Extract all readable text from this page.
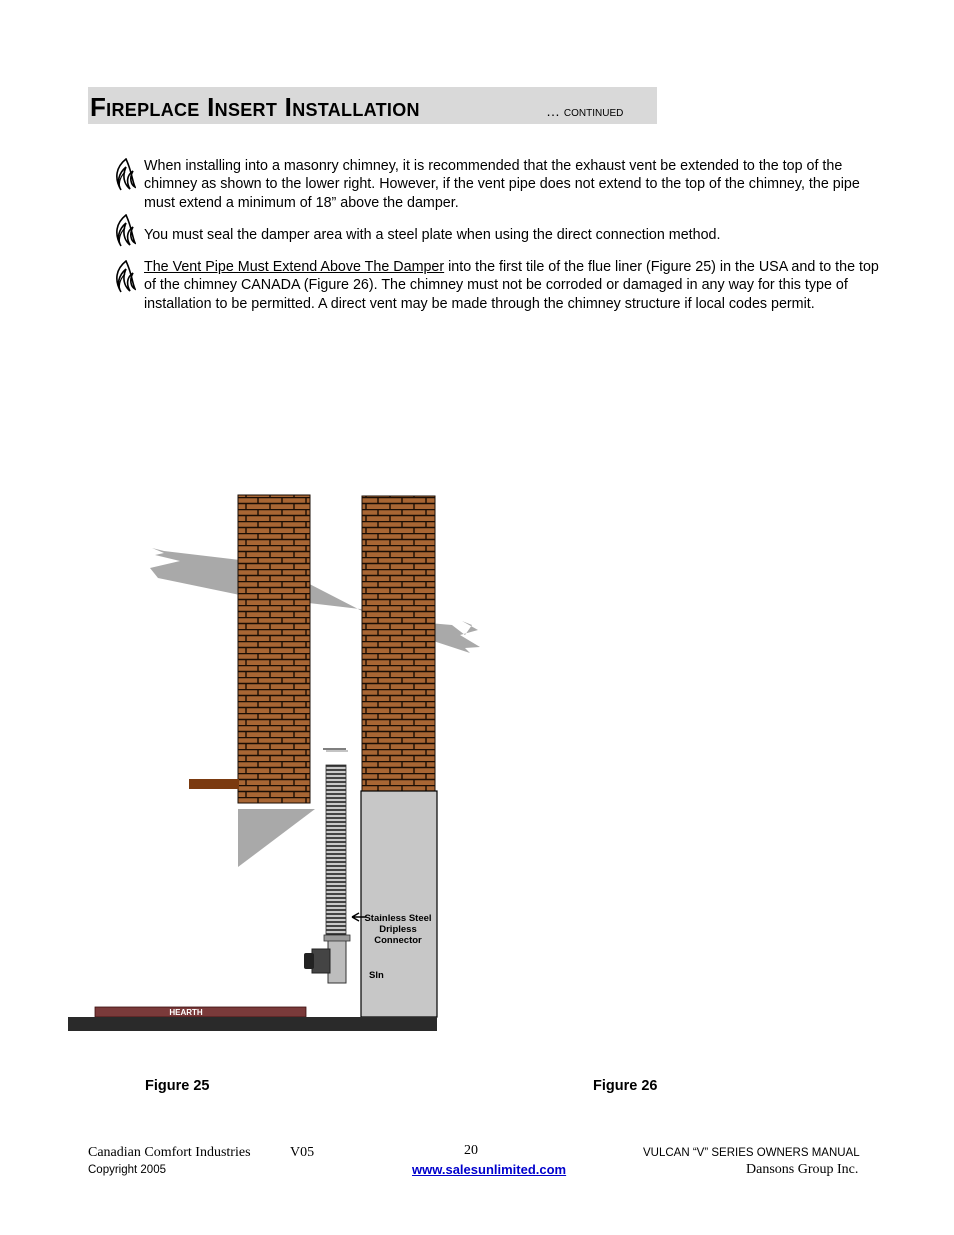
Fireplace Insert Installation	… continued
When installing into a masonry chimney, it is recommended that the exhaust vent be extended to the top of the chimney as shown to the lower right. However, if the vent pipe does not extend to the top of the chimney, the pipe must extend a minimum of 18” above the damper.
You must seal the damper area with a steel plate when using the direct connection method.
The Vent Pipe Must Extend Above The Damper into the first tile of the flue liner (Figure 25) in the USA and to the top of the chimney CANADA (Figure 26). The chimney must not be corroded or damaged in any way for this type of installation to be permitted. A direct vent may be made through the chimney structure if local codes permit.
Stainless Steel
Dripless
Connector
Sln
HEARTH
Figure 25	Figure 26
Canadian Comfort Industries	V05
Copyright 2005
20
www.salesunlimited.com
VULCAN “V” SERIES OWNERS MANUAL
Dansons Group Inc.
